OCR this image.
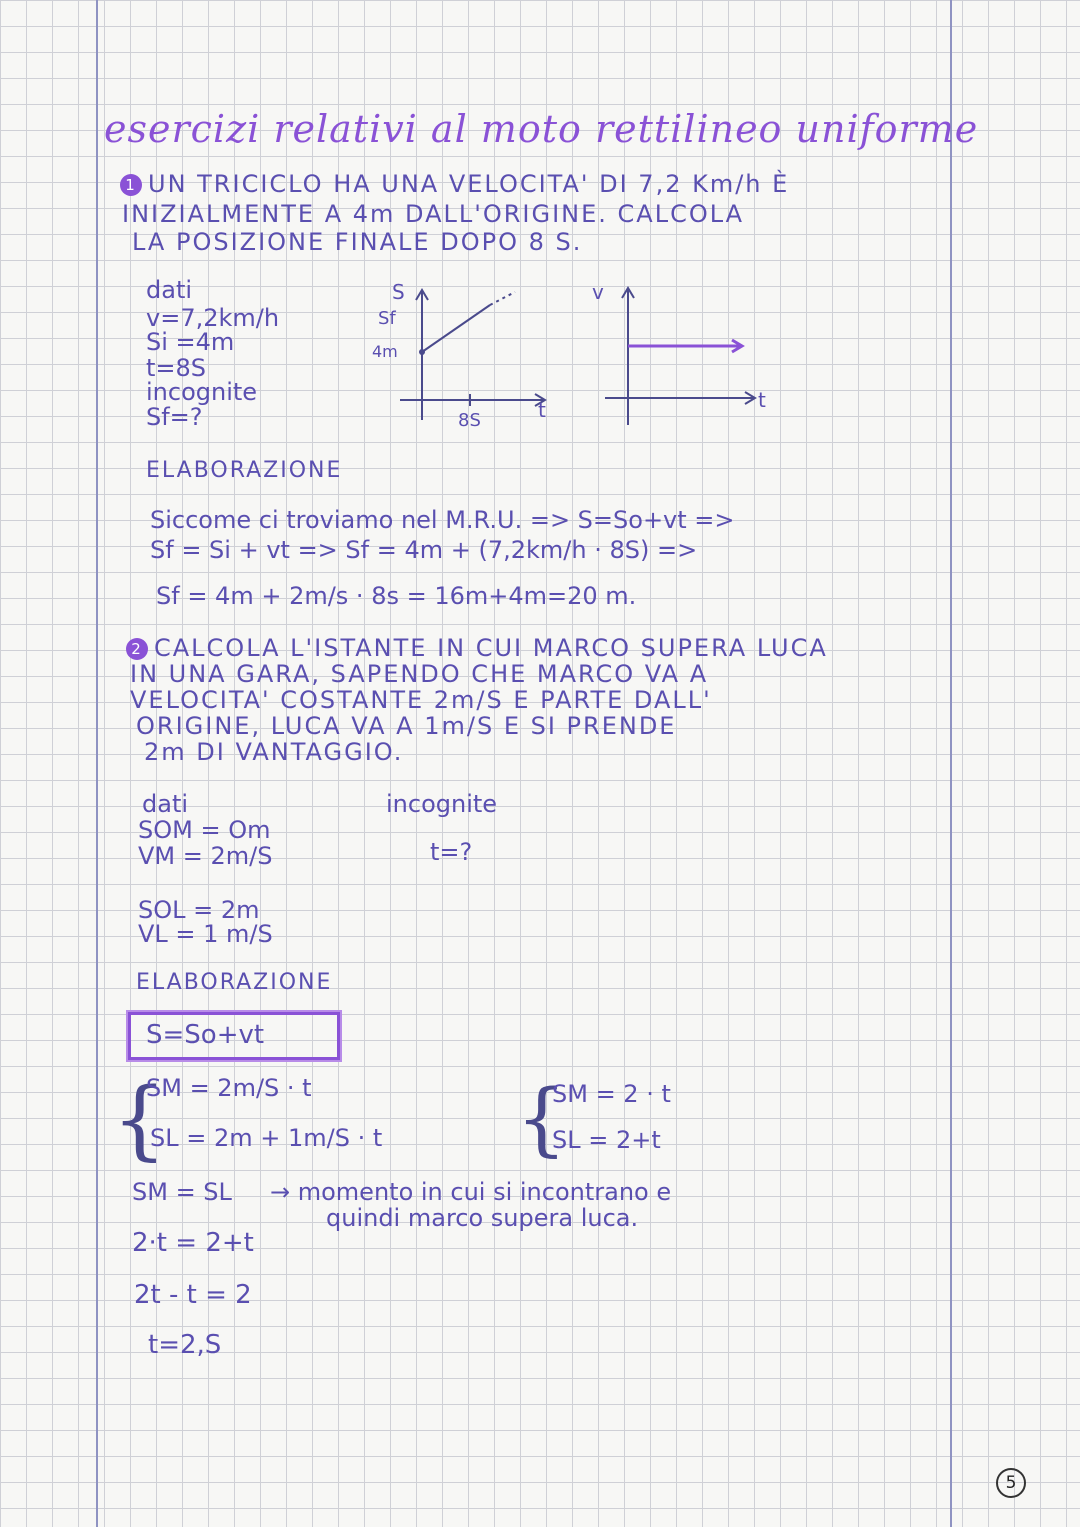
esercizi relativi al moto rettilineo uniforme
1 UN TRICICLO HA UNA VELOCITA' DI 7,2 Km/h È
INIZIALMENTE A 4m DALL'ORIGINE. CALCOLA
LA POSIZIONE FINALE DOPO 8 S.
dati
v=7,2km/h
Si =4m
t=8S
incognite
Sf=?
S
Sf
4m
8S	t
v
t
ELABORAZIONE
Siccome ci troviamo nel M.R.U. => S=So+vt =>
Sf = Si + vt => Sf = 4m + (7,2km/h · 8S) =>
Sf = 4m + 2m/s · 8s = 16m+4m=20 m.
2 CALCOLA L'ISTANTE IN CUI MARCO SUPERA LUCA
IN UNA GARA, SAPENDO CHE MARCO VA A
VELOCITA' COSTANTE 2m/S E PARTE DALL'
ORIGINE, LUCA VA A 1m/S E SI PRENDE
2m DI VANTAGGIO.
dati	incognite
SOM = Om
VM = 2m/S	t=?
SOL = 2m
VL = 1 m/S
ELABORAZIONE
S=So+vt
{
SM = 2m/S · t
SL = 2m + 1m/S · t {
SM = 2 · t
SL = 2+t
SM = SL → momento in cui si incontrano e
quindi marco supera luca.
2·t = 2+t
2t - t = 2
t=2,S
5
